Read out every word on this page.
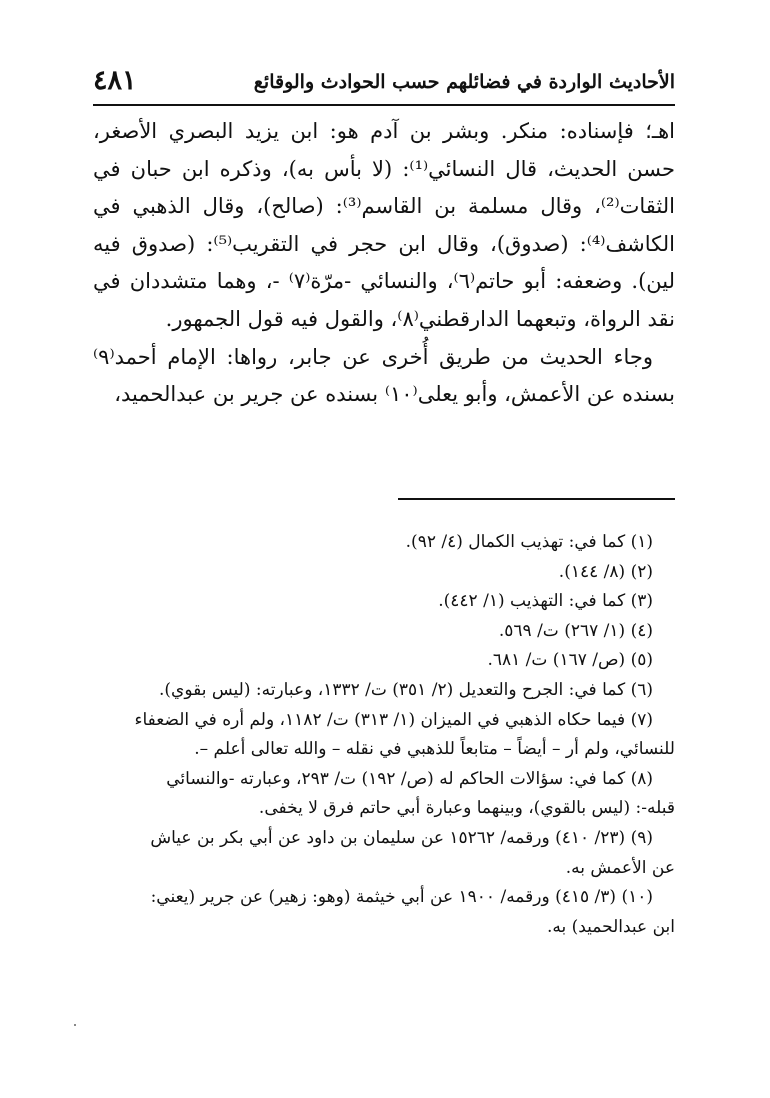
الأحاديث الواردة في فضائلهم حسب الحوادث والوقائع
٤٨١

اهـ؛ فإسناده: منكر. وبشر بن آدم هو: ابن يزيد البصري الأصغر، حسن الحديث، قال النسائي⁽¹⁾: (لا بأس به)، وذكره ابن حبان في الثقات⁽²⁾، وقال مسلمة بن القاسم⁽³⁾: (صالح)، وقال الذهبي في الكاشف⁽⁴⁾: (صدوق)، وقال ابن حجر في التقريب⁽⁵⁾: (صدوق فيه لين). وضعفه: أبو حاتم⁽٦⁾، والنسائي -مرّة⁽٧⁾ -، وهما متشددان في نقد الرواة، وتبعهما الدارقطني⁽٨⁾، والقول فيه قول الجمهور.

وجاء الحديث من طريق أُخرى عن جابر، رواها: الإمام أحمد⁽٩⁾ بسنده عن الأعمش، وأبو يعلى⁽١٠⁾ بسنده عن جرير بن عبدالحميد،

(١) كما في: تهذيب الكمال (٤/ ٩٢).

(٢) (٨/ ١٤٤).

(٣) كما في: التهذيب (١/ ٤٤٢).

(٤) (١/ ٢٦٧) ت/ ٥٦٩.

(٥) (ص/ ١٦٧) ت/ ٦٨١.

(٦) كما في: الجرح والتعديل (٢/ ٣٥١) ت/ ١٣٣٢، وعبارته: (ليس بقوي).

(٧) فيما حكاه الذهبي في الميزان (١/ ٣١٣) ت/ ١١٨٢، ولم أره في الضعفاء

للنسائي، ولم أر – أيضاً – متابعاً للذهبي في نقله – والله تعالى أعلم –.

(٨) كما في: سؤالات الحاكم له (ص/ ١٩٢) ت/ ٢٩٣، وعبارته -والنسائي

قبله-: (ليس بالقوي)، وبينهما وعبارة أبي حاتم فرق لا يخفى.

(٩) (٢٣/ ٤١٠) ورقمه/ ١٥٢٦٢ عن سليمان بن داود عن أبي بكر بن عياش

عن الأعمش به.

(١٠) (٣/ ٤١٥) ورقمه/ ١٩٠٠ عن أبي خيثمة (وهو: زهير) عن جرير (يعني:

ابن عبدالحميد) به.
